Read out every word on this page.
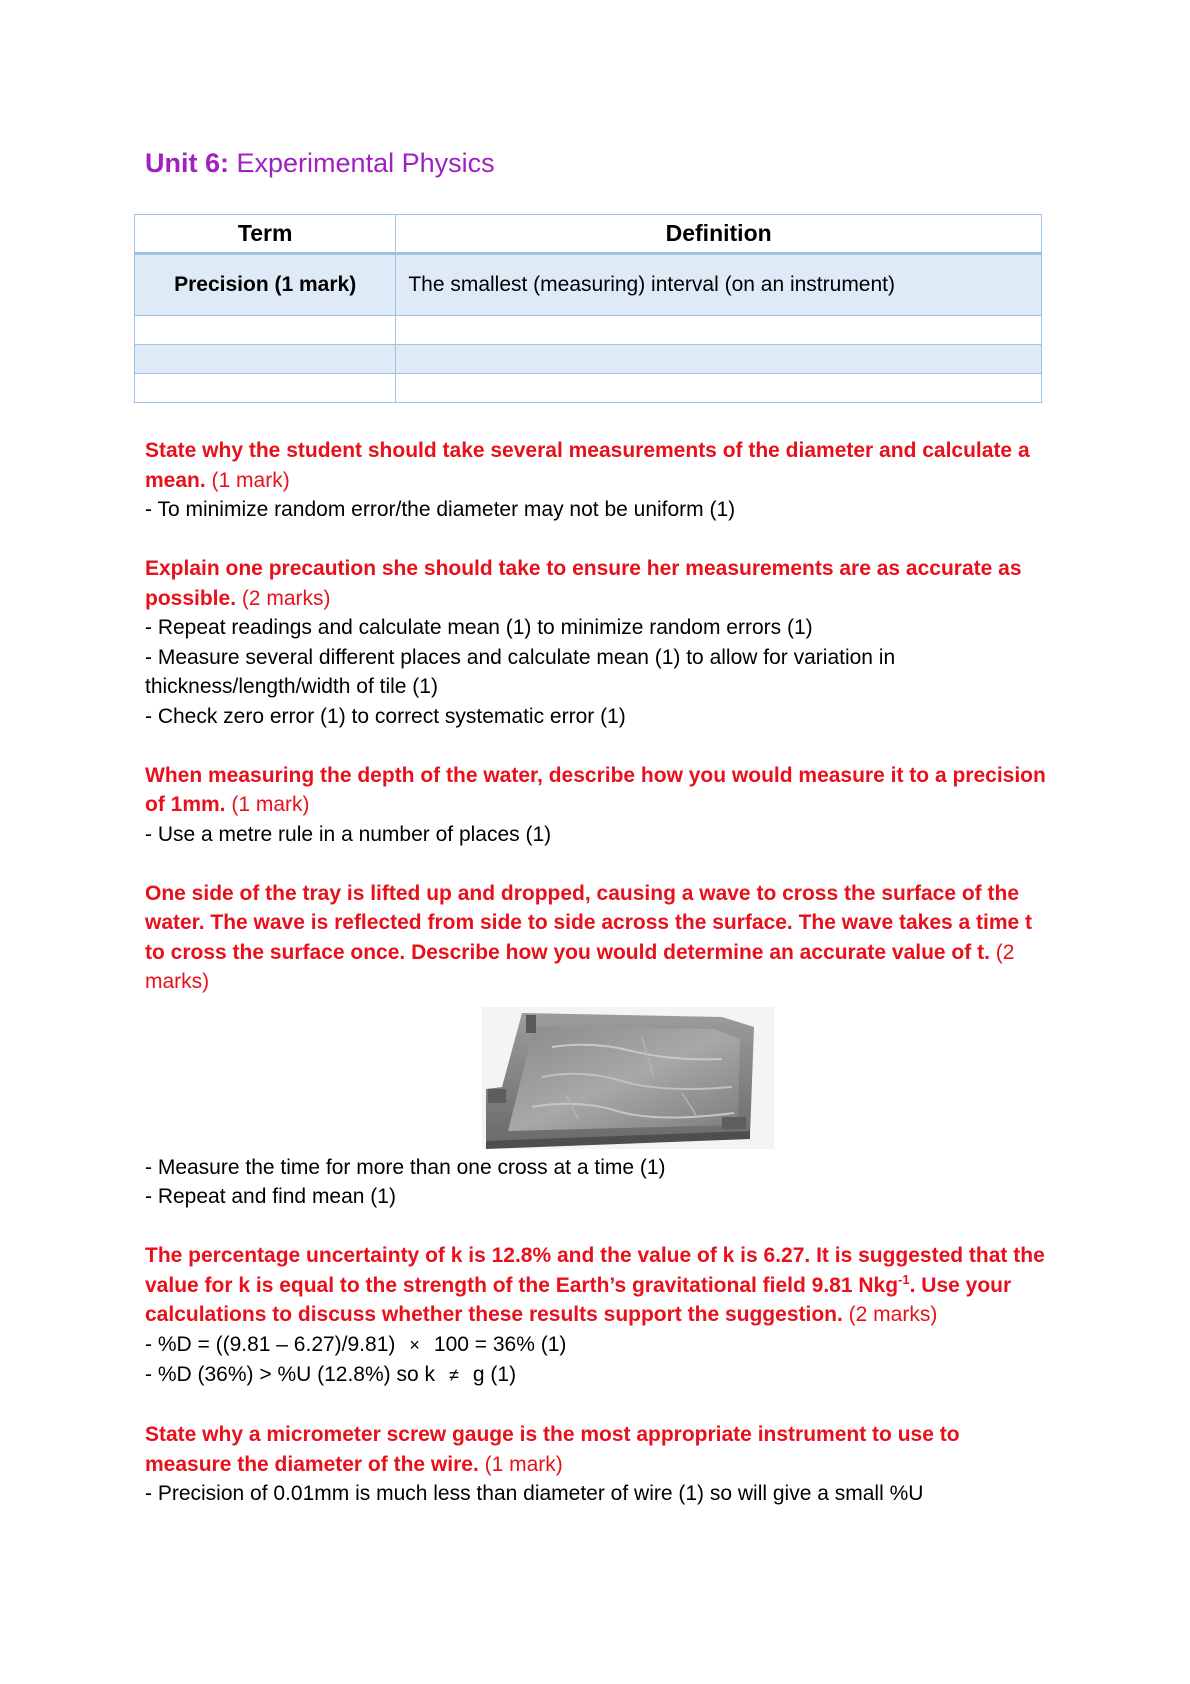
Unit 6: Experimental Physics
Term	Definition
Precision (1 mark)	The smallest (measuring) interval (on an instrument)

State why the student should take several measurements of the diameter and calculate a mean. (1 mark)
- To minimize random error/the diameter may not be uniform (1)
Explain one precaution she should take to ensure her measurements are as accurate as possible. (2 marks)
- Repeat readings and calculate mean (1) to minimize random errors (1)
- Measure several different places and calculate mean (1) to allow for variation in thickness/length/width of tile (1)
- Check zero error (1) to correct systematic error (1)
When measuring the depth of the water, describe how you would measure it to a precision of 1mm. (1 mark)
- Use a metre rule in a number of places (1)
One side of the tray is lifted up and dropped, causing a wave to cross the surface of the water. The wave is reflected from side to side across the surface. The wave takes a time t to cross the surface once. Describe how you would determine an accurate value of t. (2 marks)
- Measure the time for more than one cross at a time (1)
- Repeat and find mean (1)
The percentage uncertainty of k is 12.8% and the value of k is 6.27. It is suggested that the value for k is equal to the strength of the Earth’s gravitational field 9.81 Nkg$^{-1}$. Use your calculations to discuss whether these results support the suggestion. (2 marks)
- %D = ((9.81 – 6.27)/9.81) × 100 = 36% (1)
- %D (36%) > %U (12.8%) so k ≠ g (1)
State why a micrometer screw gauge is the most appropriate instrument to use to measure the diameter of the wire. (1 mark)
- Precision of 0.01mm is much less than diameter of wire (1) so will give a small %U
